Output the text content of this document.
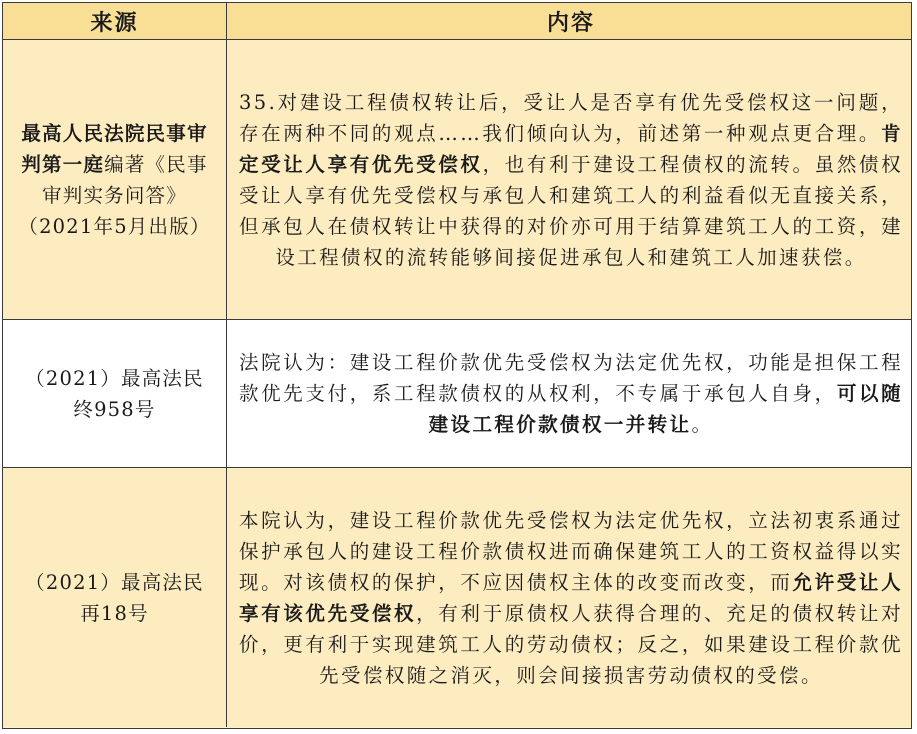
来源	内容
最高人民法院民事审判第一庭编著《民事审判实务问答》（2021年5月出版）
35.对建设工程债权转让后，受让人是否享有优先受偿权这一问题，存在两种不同的观点……我们倾向认为，前述第一种观点更合理。肯定受让人享有优先受偿权，也有利于建设工程债权的流转。虽然债权受让人享有优先受偿权与承包人和建筑工人的利益看似无直接关系，但承包人在债权转让中获得的对价亦可用于结算建筑工人的工资，建设工程债权的流转能够间接促进承包人和建筑工人加速获偿。
（2021）最高法民终958号
法院认为：建设工程价款优先受偿权为法定优先权，功能是担保工程款优先支付，系工程款债权的从权利，不专属于承包人自身，可以随建设工程价款债权一并转让。
（2021）最高法民再18号
本院认为，建设工程价款优先受偿权为法定优先权，立法初衷系通过保护承包人的建设工程价款债权进而确保建筑工人的工资权益得以实现。对该债权的保护，不应因债权主体的改变而改变，而允许受让人享有该优先受偿权，有利于原债权人获得合理的、充足的债权转让对价，更有利于实现建筑工人的劳动债权；反之，如果建设工程价款优先受偿权随之消灭，则会间接损害劳动债权的受偿。
